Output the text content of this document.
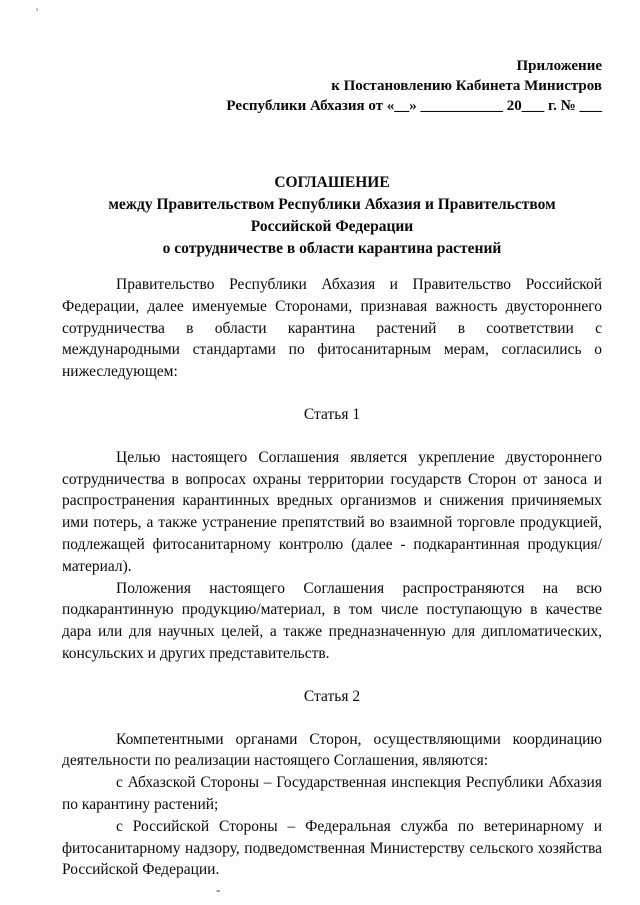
'
Приложение
к Постановлению Кабинета Министров
Республики Абхазия от «__» ___________ 20___ г. № ___
СОГЛАШЕНИЕ
между Правительством Республики Абхазия и Правительством
Российской Федерации
о сотрудничестве в области карантина растений

Правительство Республики Абхазия и Правительство Российской Федерации, далее именуемые Сторонами, признавая важность двустороннего сотрудничества в области карантина растений в соответствии с международными стандартами по фитосанитарным мерам, согласились о нижеследующем:

Статья 1

Целью настоящего Соглашения является укрепление двустороннего сотрудничества в вопросах охраны территории государств Сторон от заноса и распространения карантинных вредных организмов и снижения причиняемых ими потерь, а также устранение препятствий во взаимной торговле продукцией, подлежащей фитосанитарному контролю (далее - подкарантинная продукция/материал).

Положения настоящего Соглашения распространяются на всю подкарантинную продукцию/материал, в том числе поступающую в качестве дара или для научных целей, а также предназначенную для дипломатических, консульских и других представительств.

Статья 2

Компетентными органами Сторон, осуществляющими координацию деятельности по реализации настоящего Соглашения, являются:

с Абхазской Стороны – Государственная инспекция Республики Абхазия по карантину растений;

с Российской Стороны – Федеральная служба по ветеринарному и фитосанитарному надзору, подведомственная Министерству сельского хозяйства Российской Федерации.

-
